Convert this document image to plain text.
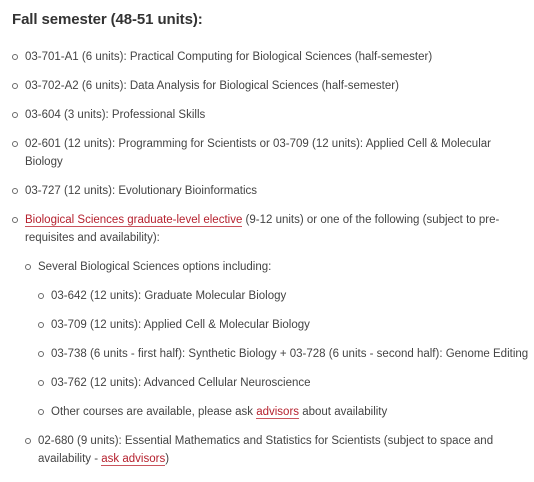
Fall semester (48-51 units):
03-701-A1 (6 units): Practical Computing for Biological Sciences (half-semester)
03-702-A2 (6 units): Data Analysis for Biological Sciences (half-semester)
03-604 (3 units): Professional Skills
02-601 (12 units): Programming for Scientists or 03-709 (12 units): Applied Cell & Molecular Biology
03-727 (12 units): Evolutionary Bioinformatics
Biological Sciences graduate-level elective (9-12 units) or one of the following (subject to pre-requisites and availability):
Several Biological Sciences options including:
03-642 (12 units): Graduate Molecular Biology
03-709 (12 units): Applied Cell & Molecular Biology
03-738 (6 units - first half): Synthetic Biology + 03-728 (6 units - second half): Genome Editing
03-762 (12 units): Advanced Cellular Neuroscience
Other courses are available, please ask advisors about availability
02-680 (9 units): Essential Mathematics and Statistics for Scientists (subject to space and availability - ask advisors)
